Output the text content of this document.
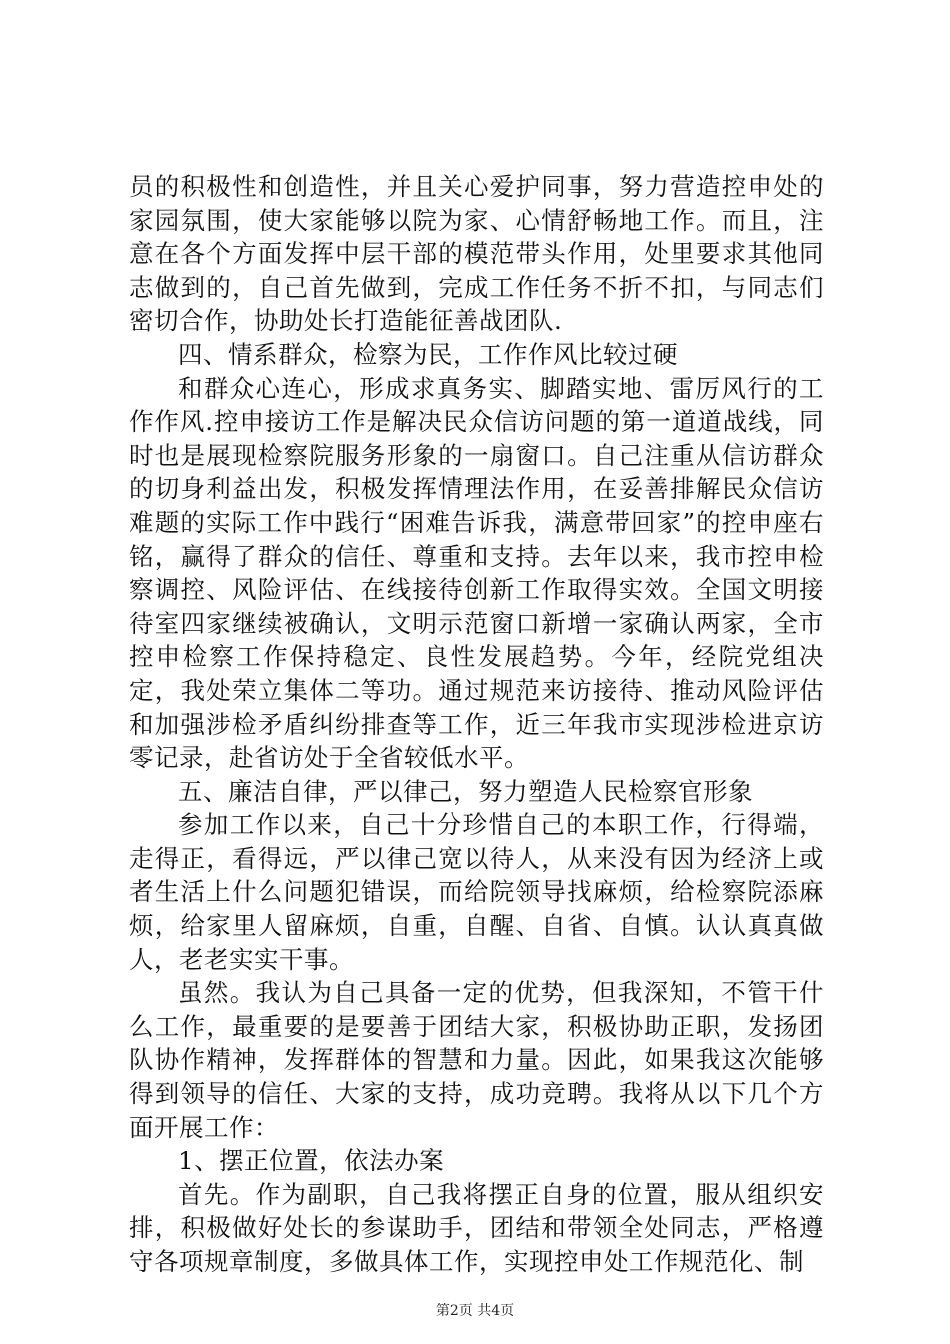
员的积极性和创造性，并且关心爱护同事，努力营造控申处的家园氛围，使大家能够以院为家、心情舒畅地工作。而且，注意在各个方面发挥中层干部的模范带头作用，处里要求其他同志做到的，自己首先做到，完成工作任务不折不扣，与同志们密切合作，协助处长打造能征善战团队.

四、情系群众，检察为民，工作作风比较过硬

和群众心连心，形成求真务实、脚踏实地、雷厉风行的工作作风.控申接访工作是解决民众信访问题的第一道道战线，同时也是展现检察院服务形象的一扇窗口。自己注重从信访群众的切身利益出发，积极发挥情理法作用，在妥善排解民众信访难题的实际工作中践行“困难告诉我，满意带回家”的控申座右铭，赢得了群众的信任、尊重和支持。去年以来，我市控申检察调控、风险评估、在线接待创新工作取得实效。全国文明接待室四家继续被确认，文明示范窗口新增一家确认两家，全市控申检察工作保持稳定、良性发展趋势。今年，经院党组决定，我处荣立集体二等功。通过规范来访接待、推动风险评估和加强涉检矛盾纠纷排查等工作，近三年我市实现涉检进京访零记录，赴省访处于全省较低水平。

五、廉洁自律，严以律己，努力塑造人民检察官形象

参加工作以来，自己十分珍惜自己的本职工作，行得端，走得正，看得远，严以律己宽以待人，从来没有因为经济上或者生活上什么问题犯错误，而给院领导找麻烦，给检察院添麻烦，给家里人留麻烦，自重，自醒、自省、自慎。认认真真做人，老老实实干事。

虽然。我认为自己具备一定的优势，但我深知，不管干什么工作，最重要的是要善于团结大家，积极协助正职，发扬团队协作精神，发挥群体的智慧和力量。因此，如果我这次能够得到领导的信任、大家的支持，成功竞聘。我将从以下几个方面开展工作：

1、摆正位置，依法办案

首先。作为副职，自己我将摆正自身的位置，服从组织安排，积极做好处长的参谋助手，团结和带领全处同志，严格遵守各项规章制度，多做具体工作，实现控申处工作规范化、制

第2页 共4页
